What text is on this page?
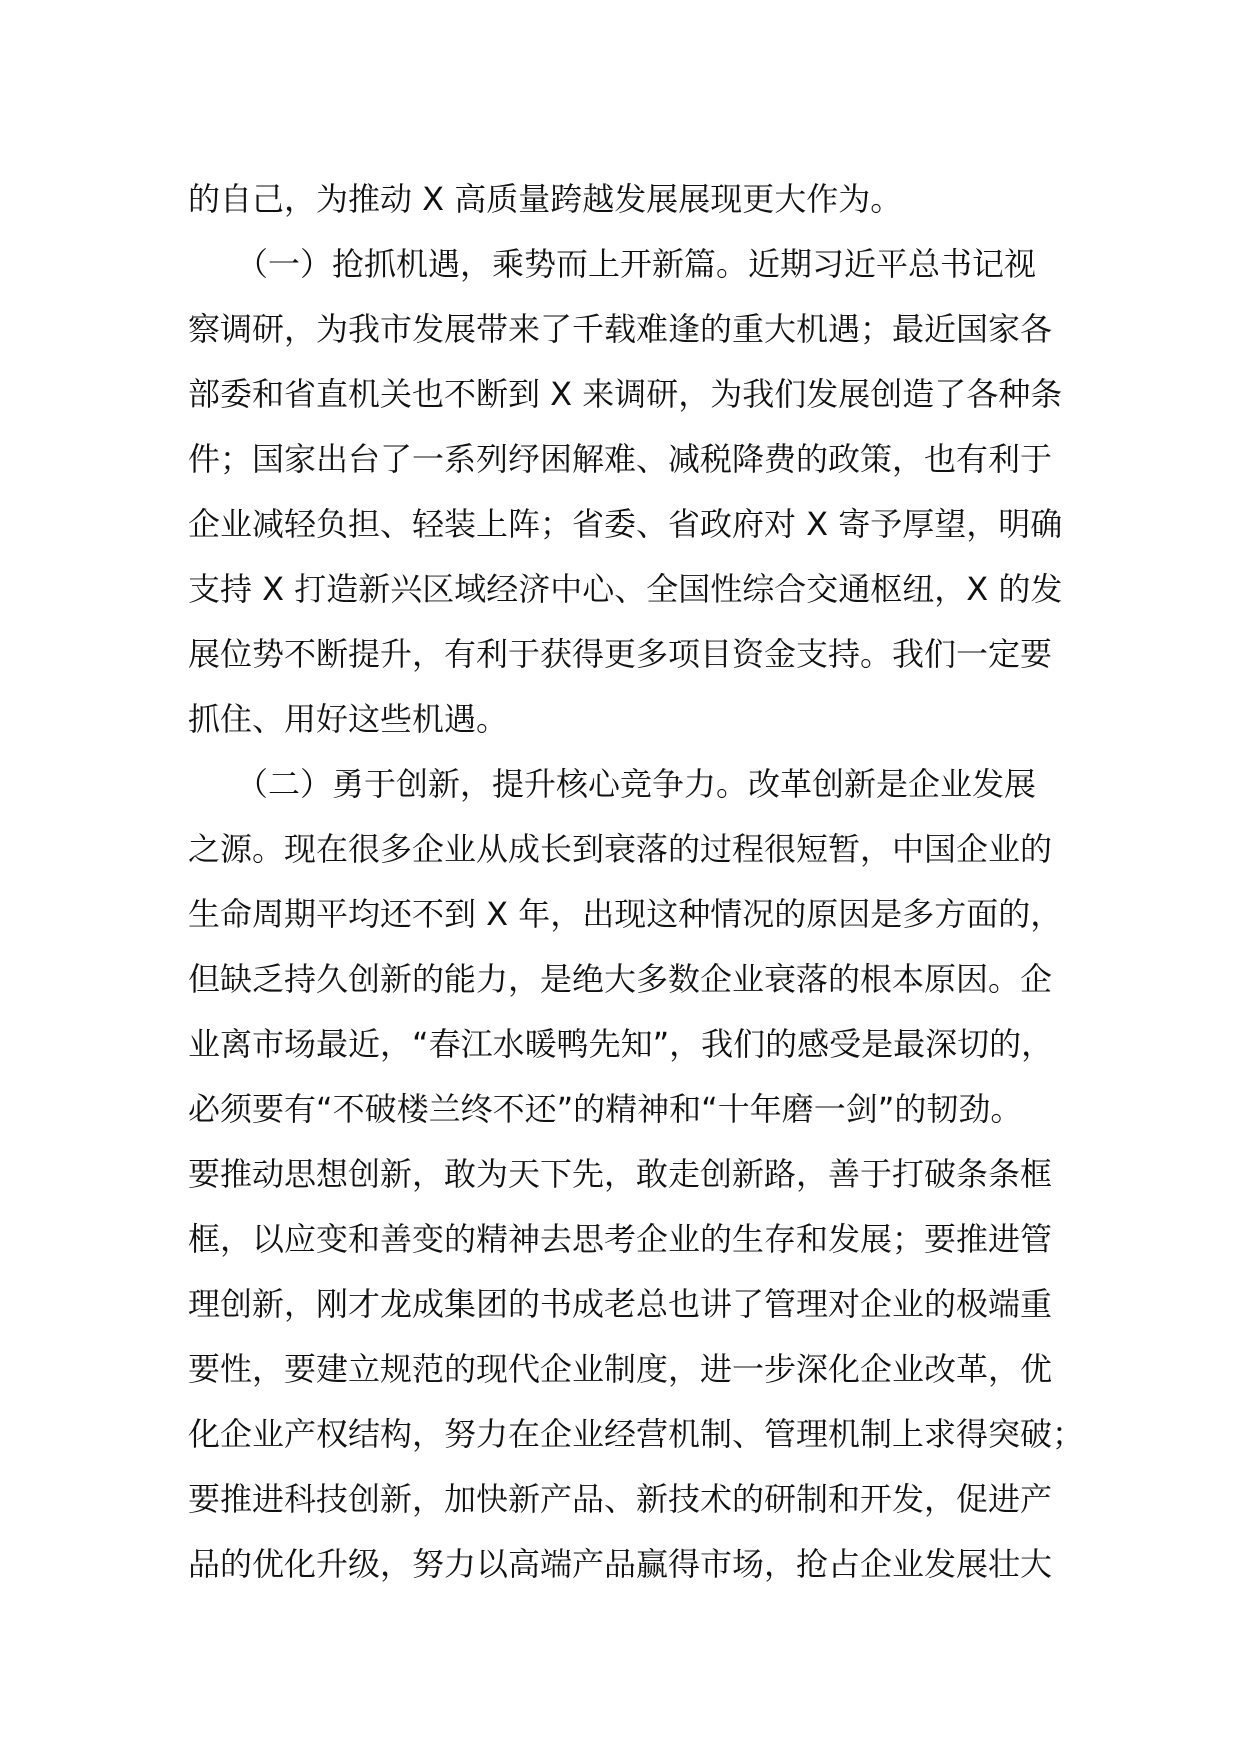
的自己，为推动 X 高质量跨越发展展现更大作为。
　　（一）抢抓机遇，乘势而上开新篇。近期习近平总书记视
察调研，为我市发展带来了千载难逢的重大机遇；最近国家各
部委和省直机关也不断到 X 来调研，为我们发展创造了各种条
件；国家出台了一系列纾困解难、减税降费的政策，也有利于
企业减轻负担、轻装上阵；省委、省政府对 X 寄予厚望，明确
支持 X 打造新兴区域经济中心、全国性综合交通枢纽，X 的发
展位势不断提升，有利于获得更多项目资金支持。我们一定要
抓住、用好这些机遇。
　　（二）勇于创新，提升核心竞争力。改革创新是企业发展
之源。现在很多企业从成长到衰落的过程很短暂，中国企业的
生命周期平均还不到 X 年，出现这种情况的原因是多方面的，
但缺乏持久创新的能力，是绝大多数企业衰落的根本原因。企
业离市场最近，“春江水暖鸭先知”，我们的感受是最深切的，
必须要有“不破楼兰终不还”的精神和“十年磨一剑”的韧劲。
要推动思想创新，敢为天下先，敢走创新路，善于打破条条框
框，以应变和善变的精神去思考企业的生存和发展；要推进管
理创新，刚才龙成集团的书成老总也讲了管理对企业的极端重
要性，要建立规范的现代企业制度，进一步深化企业改革，优
化企业产权结构，努力在企业经营机制、管理机制上求得突破；
要推进科技创新，加快新产品、新技术的研制和开发，促进产
品的优化升级，努力以高端产品赢得市场，抢占企业发展壮大
